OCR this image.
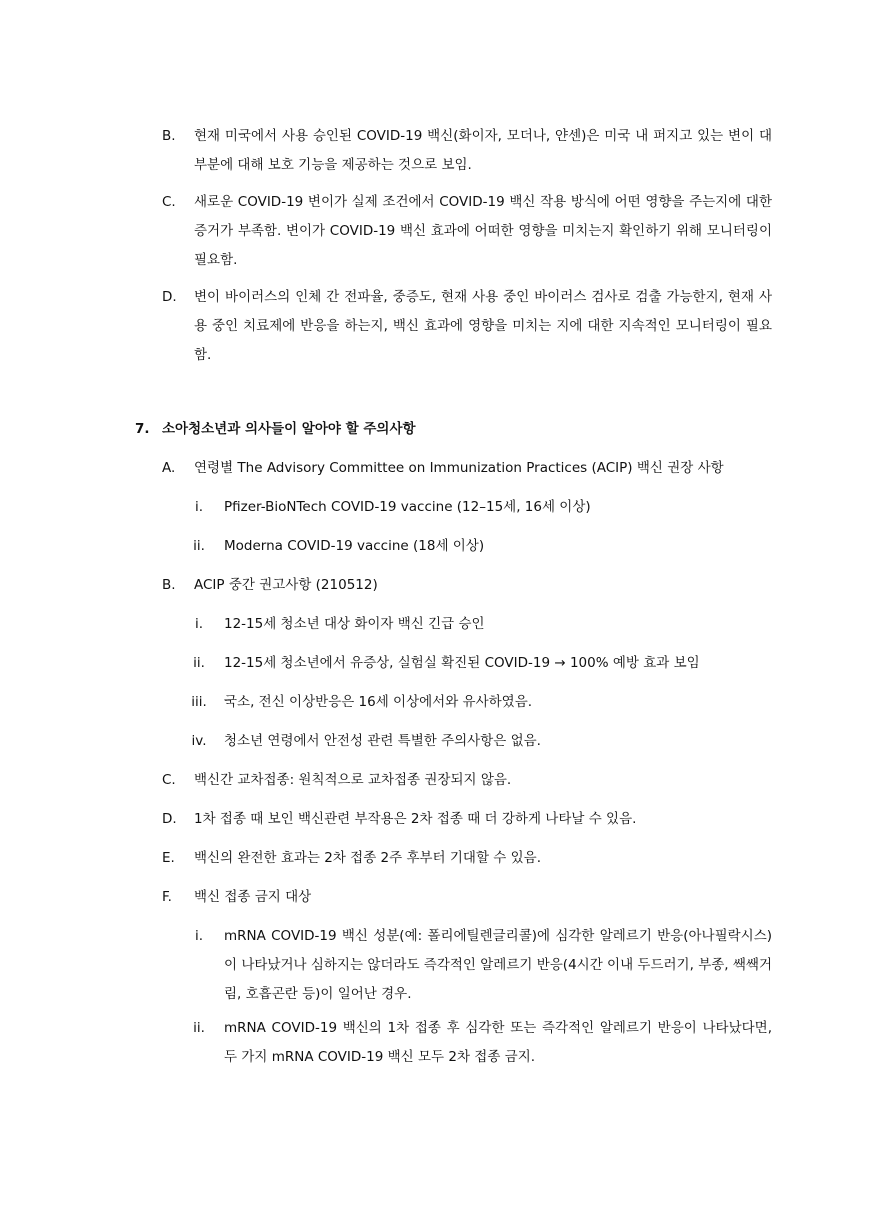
B.	현재 미국에서 사용 승인된 COVID-19 백신(화이자, 모더나, 얀센)은 미국 내 퍼지고 있는 변이 대부분에 대해 보호 기능을 제공하는 것으로 보임.
C.	새로운 COVID-19 변이가 실제 조건에서 COVID-19 백신 작용 방식에 어떤 영향을 주는지에 대한 증거가 부족함. 변이가 COVID-19 백신 효과에 어떠한 영향을 미치는지 확인하기 위해 모니터링이 필요함.
D.	변이 바이러스의 인체 간 전파율, 중증도, 현재 사용 중인 바이러스 검사로 검출 가능한지, 현재 사용 중인 치료제에 반응을 하는지, 백신 효과에 영향을 미치는 지에 대한 지속적인 모니터링이 필요함.
7. 소아청소년과 의사들이 알아야 할 주의사항
A.	연령별 The Advisory Committee on Immunization Practices (ACIP) 백신 권장 사항
i.	Pfizer-BioNTech COVID-19 vaccine (12–15세, 16세 이상)
ii.	Moderna COVID-19 vaccine (18세 이상)
B.	ACIP 중간 권고사항 (210512)
i.	12-15세 청소년 대상 화이자 백신 긴급 승인
ii.	12-15세 청소년에서 유증상, 실험실 확진된 COVID-19 → 100% 예방 효과 보임
iii.	국소, 전신 이상반응은 16세 이상에서와 유사하였음.
iv.	청소년 연령에서 안전성 관련 특별한 주의사항은 없음.
C.	백신간 교차접종: 원칙적으로 교차접종 권장되지 않음.
D.	1차 접종 때 보인 백신관련 부작용은 2차 접종 때 더 강하게 나타날 수 있음.
E.	백신의 완전한 효과는 2차 접종 2주 후부터 기대할 수 있음.
F.	백신 접종 금지 대상
i.	mRNA COVID-19 백신 성분(예: 폴리에틸렌글리콜)에 심각한 알레르기 반응(아나필락시스)이 나타났거나 심하지는 않더라도 즉각적인 알레르기 반응(4시간 이내 두드러기, 부종, 쌕쌕거림, 호흡곤란 등)이 일어난 경우.
ii.	mRNA COVID-19 백신의 1차 접종 후 심각한 또는 즉각적인 알레르기 반응이 나타났다면, 두 가지 mRNA COVID-19 백신 모두 2차 접종 금지.
